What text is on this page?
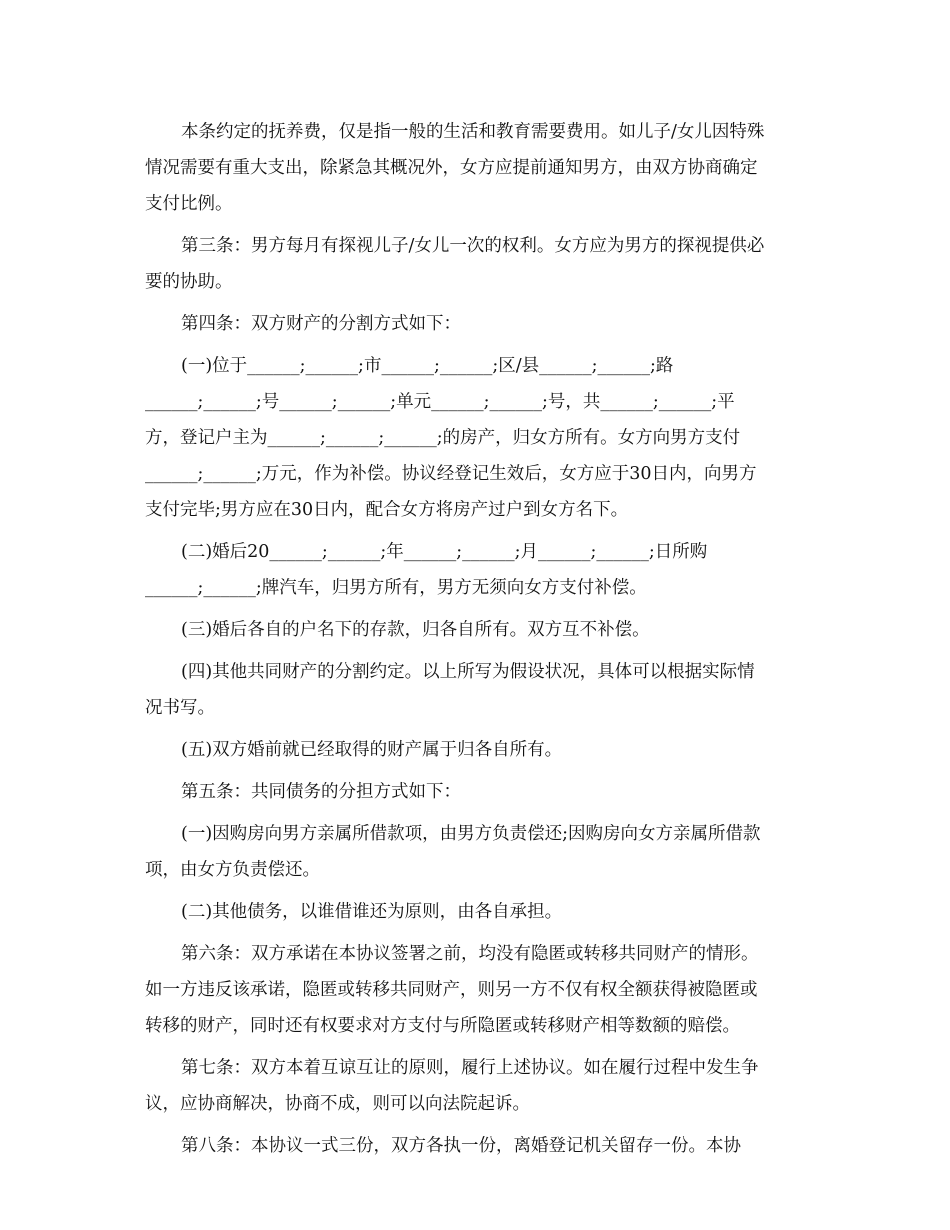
本条约定的抚养费，仅是指一般的生活和教育需要费用。如儿子/女儿因特殊
情况需要有重大支出，除紧急其概况外，女方应提前通知男方，由双方协商确定
支付比例。
第三条：男方每月有探视儿子/女儿一次的权利。女方应为男方的探视提供必
要的协助。
第四条：双方财产的分割方式如下：
(一)位于______;______;市______;______;区/县______;______;路
______;______;号______;______;单元______;______;号，共______;______;平
方，登记户主为______;______;______;的房产，归女方所有。女方向男方支付
______;______;万元，作为补偿。协议经登记生效后，女方应于30日内，向男方
支付完毕;男方应在30日内，配合女方将房产过户到女方名下。
(二)婚后20______;______;年______;______;月______;______;日所购
______;______;牌汽车，归男方所有，男方无须向女方支付补偿。
(三)婚后各自的户名下的存款，归各自所有。双方互不补偿。
(四)其他共同财产的分割约定。以上所写为假设状况，具体可以根据实际情
况书写。
(五)双方婚前就已经取得的财产属于归各自所有。
第五条：共同债务的分担方式如下：
(一)因购房向男方亲属所借款项，由男方负责偿还;因购房向女方亲属所借款
项，由女方负责偿还。
(二)其他债务，以谁借谁还为原则，由各自承担。
第六条：双方承诺在本协议签署之前，均没有隐匿或转移共同财产的情形。
如一方违反该承诺，隐匿或转移共同财产，则另一方不仅有权全额获得被隐匿或
转移的财产，同时还有权要求对方支付与所隐匿或转移财产相等数额的赔偿。
第七条：双方本着互谅互让的原则，履行上述协议。如在履行过程中发生争
议，应协商解决，协商不成，则可以向法院起诉。
第八条：本协议一式三份，双方各执一份，离婚登记机关留存一份。本协
